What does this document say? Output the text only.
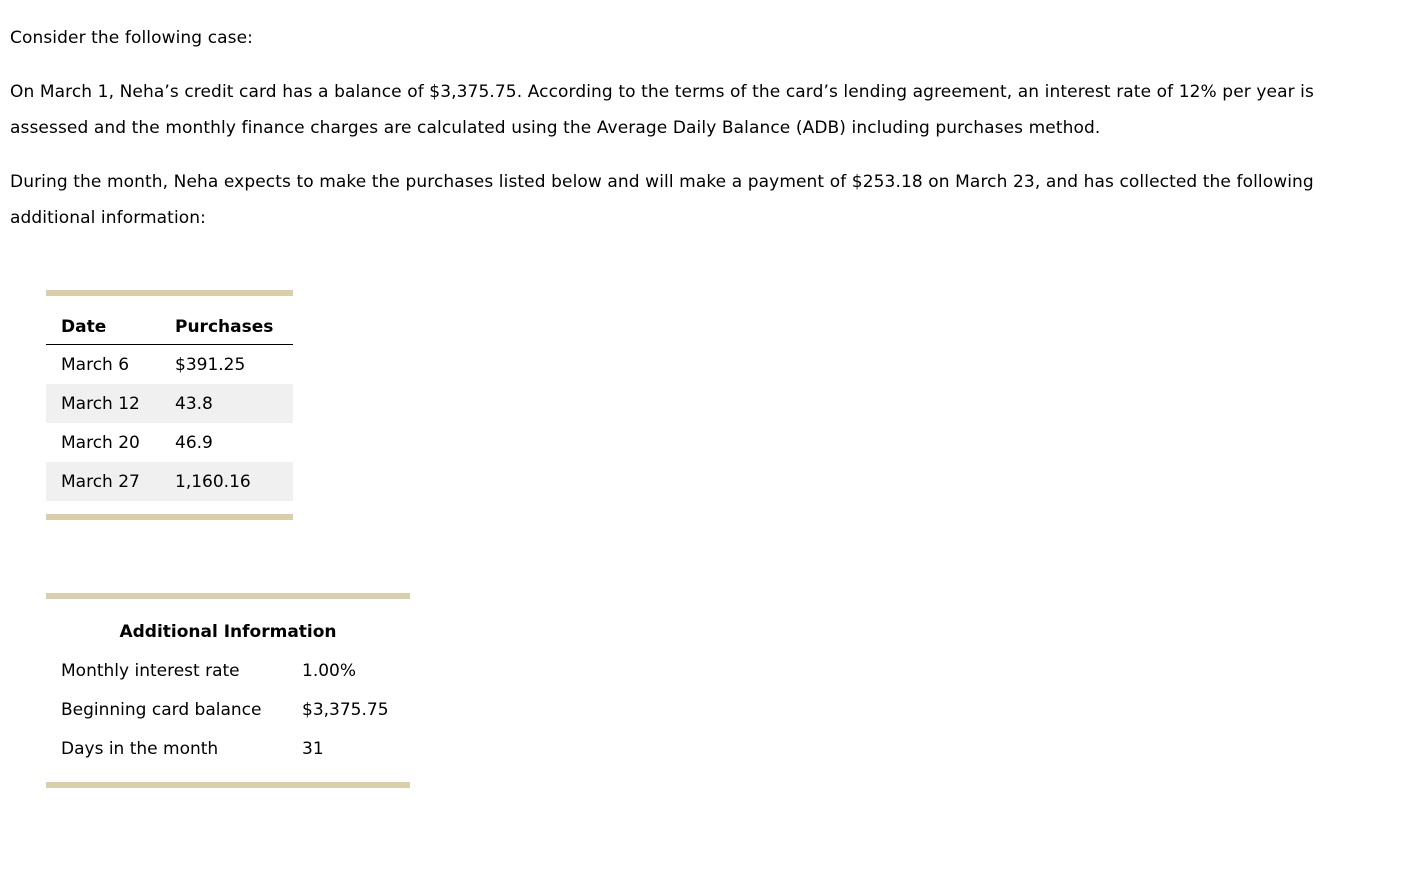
Consider the following case:

On March 1, Neha’s credit card has a balance of $3,375.75. According to the terms of the card’s lending agreement, an interest rate of 12% per year is assessed and the monthly finance charges are calculated using the Average Daily Balance (ADB) including purchases method.

During the month, Neha expects to make the purchases listed below and will make a payment of $253.18 on March 23, and has collected the following additional information:

Date	Purchases
March 6	$391.25
March 12	43.8
March 20	46.9
March 27	1,160.16
Additional Information
Monthly interest rate	1.00%
Beginning card balance	$3,375.75
Days in the month	31
